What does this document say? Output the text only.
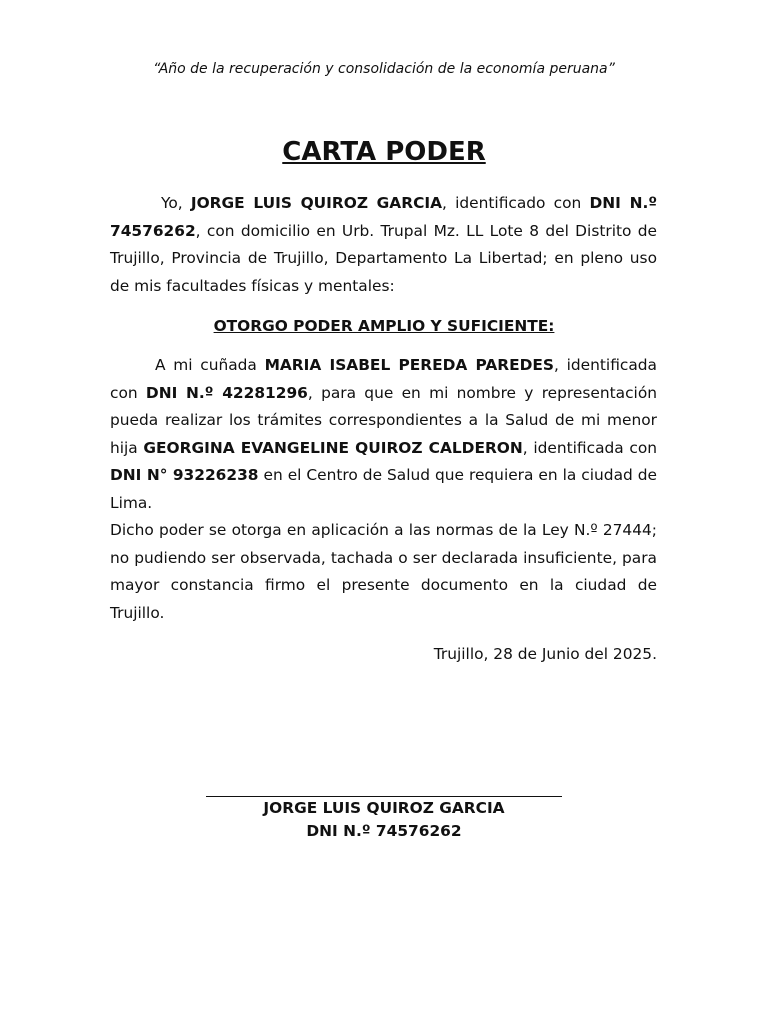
“Año de la recuperación y consolidación de la economía peruana”
CARTA PODER

Yo, JORGE LUIS QUIROZ GARCIA, identificado con DNI N.º 74576262, con domicilio en Urb. Trupal Mz. LL Lote 8 del Distrito de Trujillo, Provincia de Trujillo, Departamento La Libertad; en pleno uso de mis facultades físicas y mentales:

OTORGO PODER AMPLIO Y SUFICIENTE:

A mi cuñada MARIA ISABEL PEREDA PAREDES, identificada con DNI N.º 42281296, para que en mi nombre y representación pueda realizar los trámites correspondientes a la Salud de mi menor hija GEORGINA EVANGELINE QUIROZ CALDERON, identificada con DNI N° 93226238 en el Centro de Salud que requiera en la ciudad de Lima.

Dicho poder se otorga en aplicación a las normas de la Ley N.º 27444; no pudiendo ser observada, tachada o ser declarada insuficiente, para mayor constancia firmo el presente documento en la ciudad de Trujillo.

Trujillo, 28 de Junio del 2025.
JORGE LUIS QUIROZ GARCIA
DNI N.º 74576262
